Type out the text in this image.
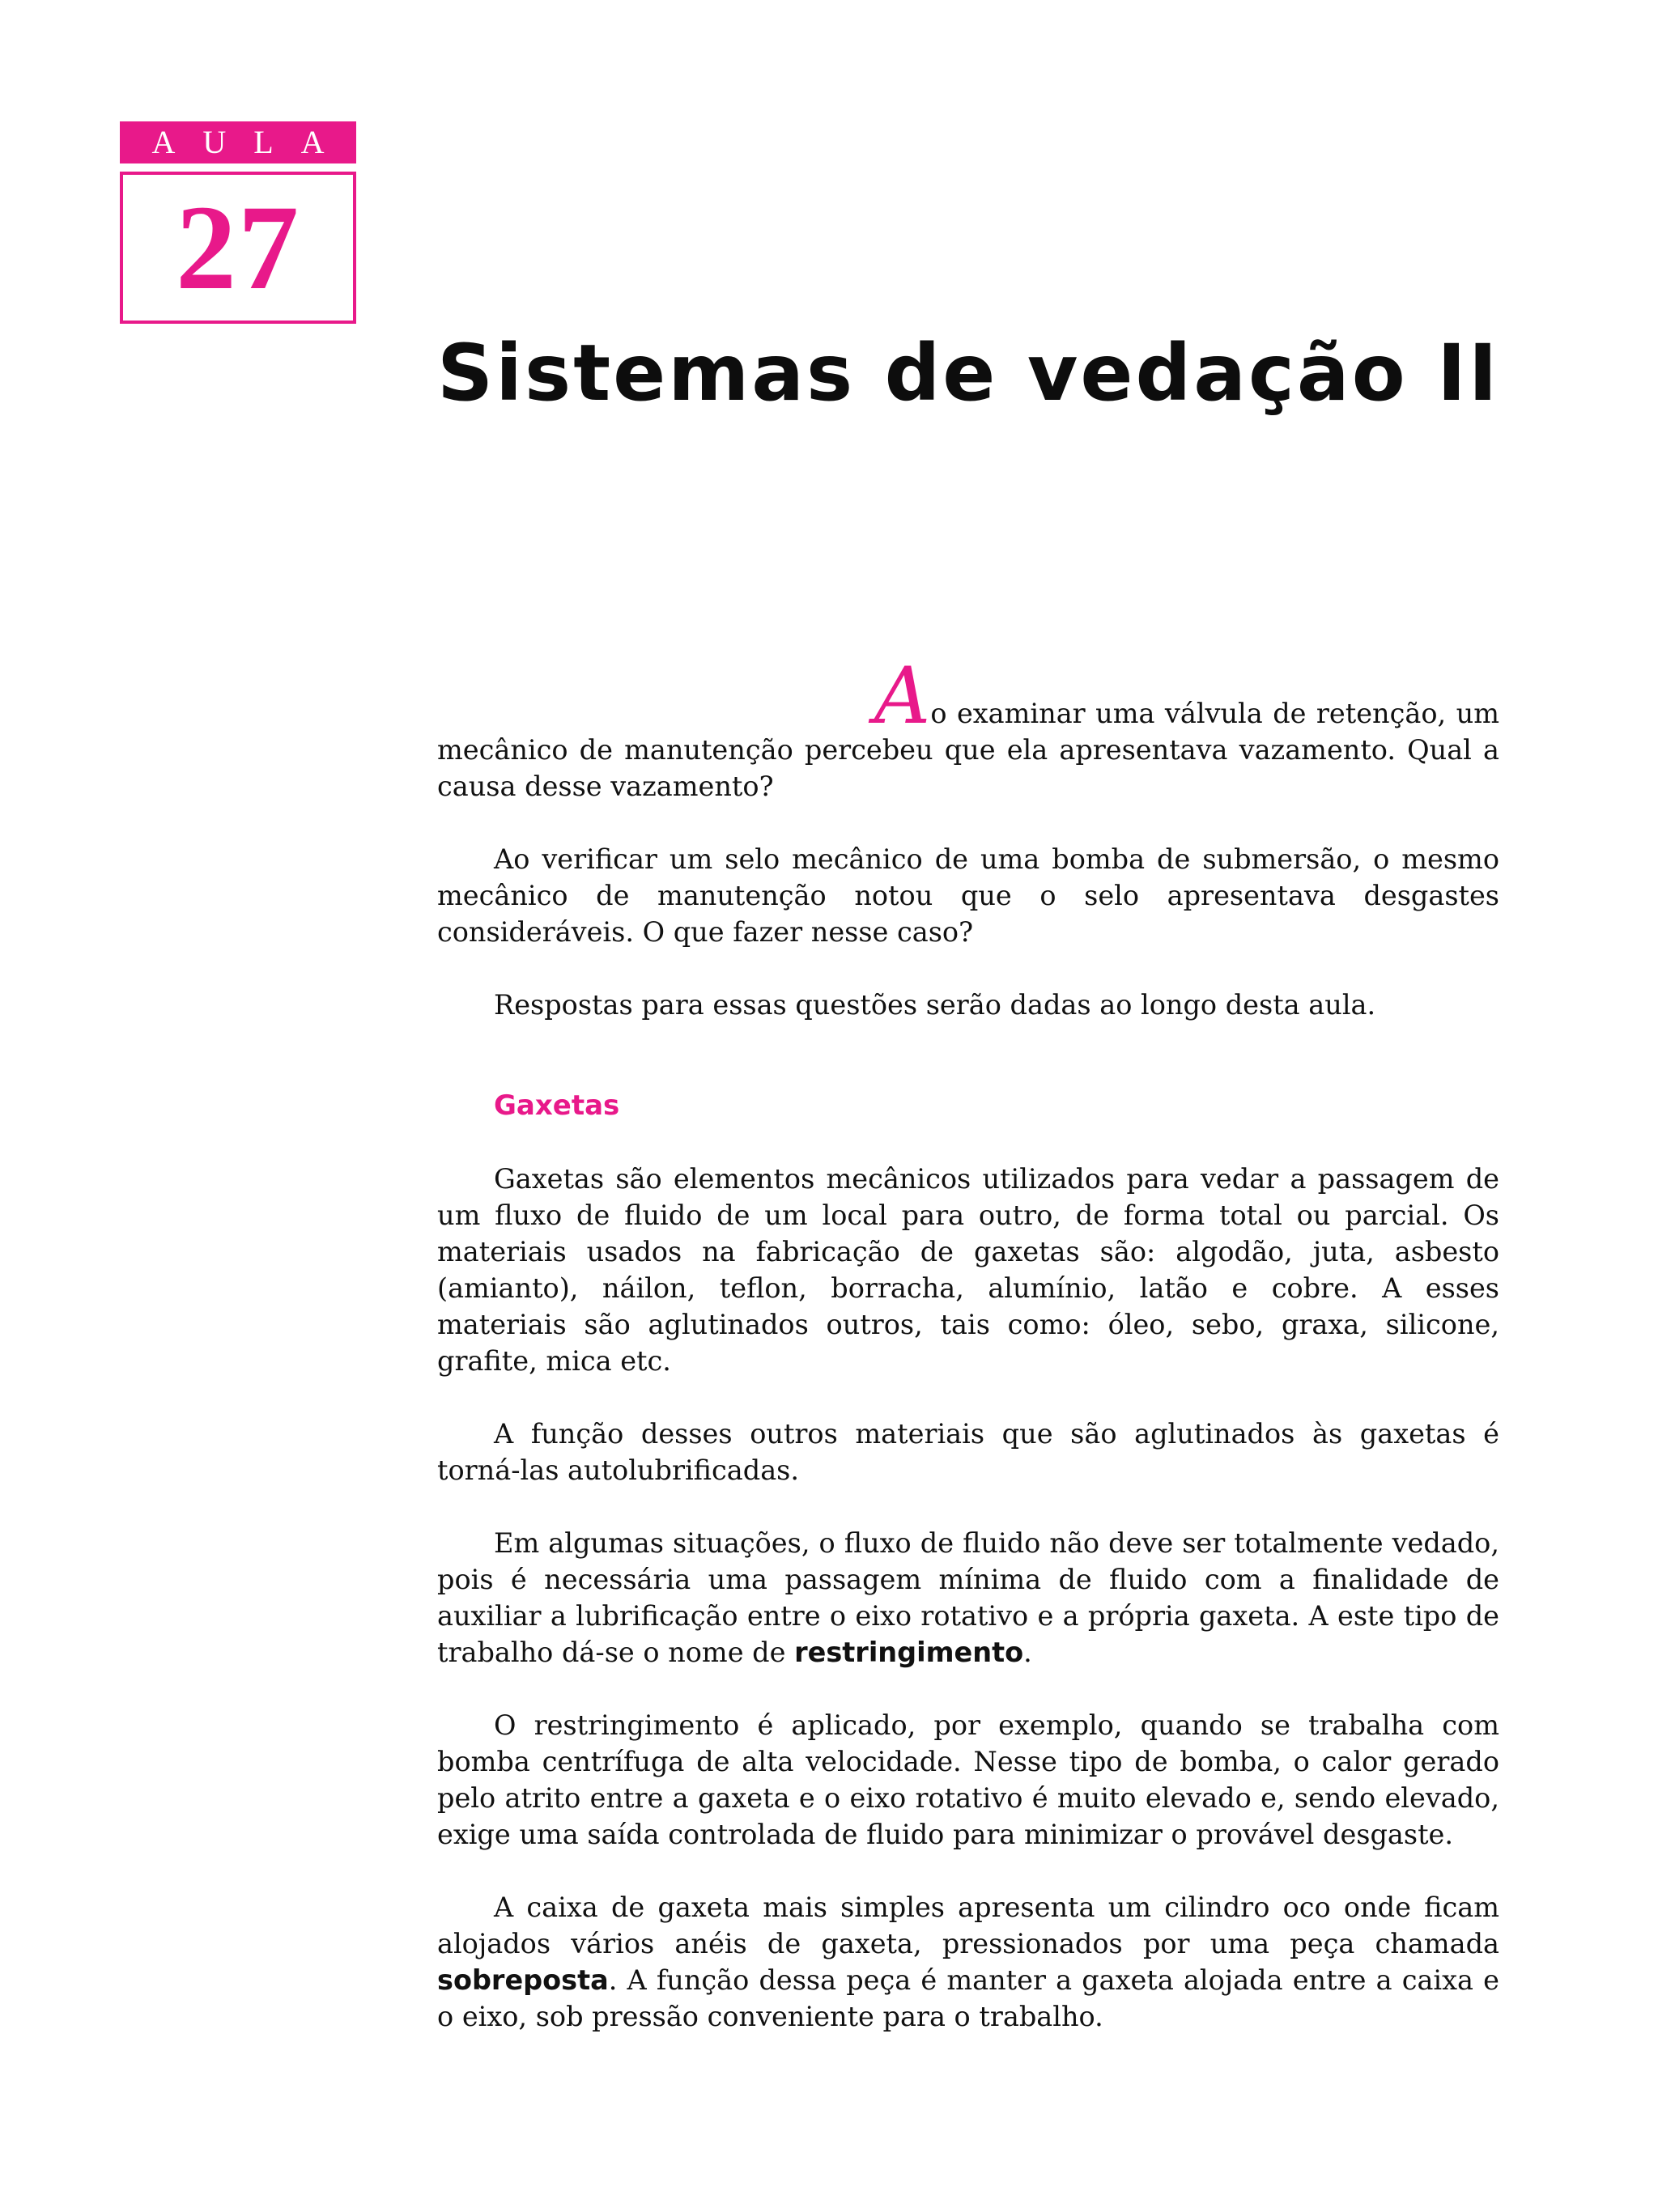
AULA
27
Sistemas de vedação II

Ao examinar uma válvula de retenção, um mecânico de manutenção percebeu que ela apresentava vazamento. Qual a causa desse vazamento?

Ao verificar um selo mecânico de uma bomba de submersão, o mesmo mecânico de manutenção notou que o selo apresentava desgastes consideráveis. O que fazer nesse caso?

Respostas para essas questões serão dadas ao longo desta aula.

Gaxetas

Gaxetas são elementos mecânicos utilizados para vedar a passagem de um fluxo de fluido de um local para outro, de forma total ou parcial. Os materiais usados na fabricação de gaxetas são: algodão, juta, asbesto (amianto), náilon, teflon, borracha, alumínio, latão e cobre. A esses materiais são aglutinados outros, tais como: óleo, sebo, graxa, silicone, grafite, mica etc.

A função desses outros materiais que são aglutinados às gaxetas é torná-las autolubrificadas.

Em algumas situações, o fluxo de fluido não deve ser totalmente vedado, pois é necessária uma passagem mínima de fluido com a finalidade de auxiliar a lubrificação entre o eixo rotativo e a própria gaxeta. A este tipo de trabalho dá-se o nome de restringimento.

O restringimento é aplicado, por exemplo, quando se trabalha com bomba centrífuga de alta velocidade. Nesse tipo de bomba, o calor gerado pelo atrito entre a gaxeta e o eixo rotativo é muito elevado e, sendo elevado, exige uma saída controlada de fluido para minimizar o provável desgaste.

A caixa de gaxeta mais simples apresenta um cilindro oco onde ficam alojados vários anéis de gaxeta, pressionados por uma peça chamada sobreposta. A função dessa peça é manter a gaxeta alojada entre a caixa e o eixo, sob pressão conveniente para o trabalho.
